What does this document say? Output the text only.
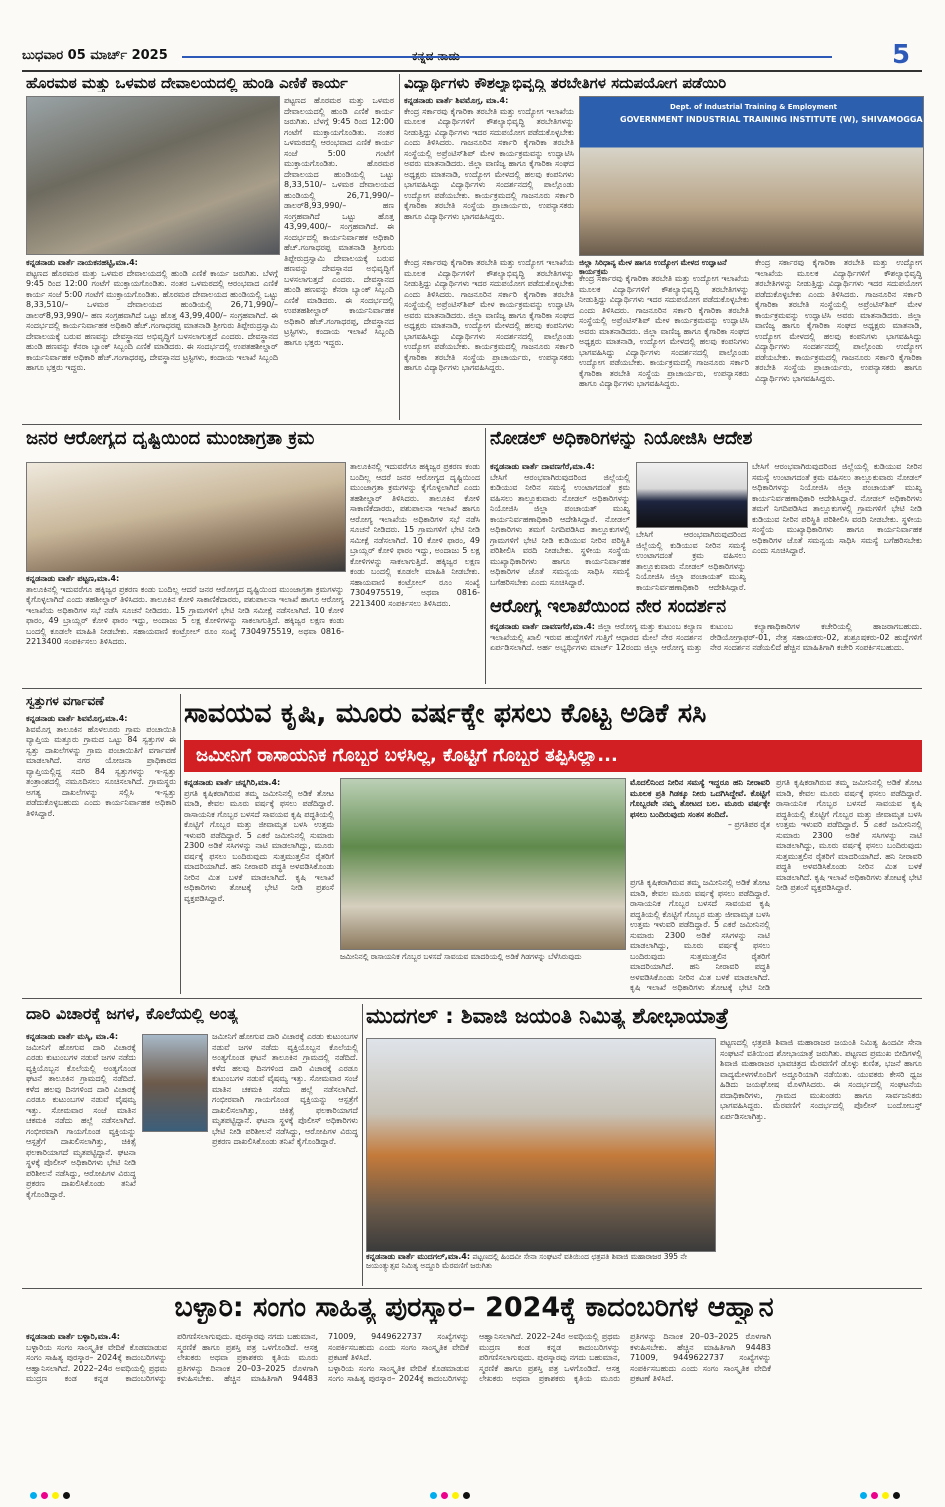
ಬುಧವಾರ 05 ಮಾರ್ಚ್ 2025	5
ಹೊರಮಠ ಮತ್ತು ಒಳಮಠ ದೇವಾಲಯದಲ್ಲಿ ಹುಂಡಿ ಎಣಿಕೆ ಕಾರ್ಯ
ಕನ್ನಡನಾಡು ವಾರ್ತೆ ನಾಯಕನಹಟ್ಟಿ,ಮಾ.4:
ಪಟ್ಟಣದ ಹೊರಮಠ ಮತ್ತು ಒಳಮಠ ದೇವಾಲಯದಲ್ಲಿ ಹುಂಡಿ ಎಣಿಕೆ ಕಾರ್ಯ ಜರುಗಿತು. ಬೆಳಗ್ಗೆ 9:45 ರಿಂದ 12:00 ಗಂಟೆಗೆ ಮುಕ್ತಾಯಗೊಂಡಿತು. ನಂತರ ಒಳಮಠದಲ್ಲಿ ಆರಂಭವಾದ ಎಣಿಕೆ ಕಾರ್ಯ ಸಂಜೆ 5:00 ಗಂಟೆಗೆ ಮುಕ್ತಾಯಗೊಂಡಿತು. ಹೊರಮಠ ದೇವಾಲಯದ ಹುಂಡಿಯಲ್ಲಿ ಒಟ್ಟು 8,33,510/– ಒಳಮಠ ದೇವಾಲಯದ ಹುಂಡಿಯಲ್ಲಿ 26,71,990/– ಡಾಲರ್‌8,93,990/– ಹಣ ಸಂಗ್ರಹವಾಗಿದೆ ಒಟ್ಟು ಹೊತ್ತ 43,99,400/– ಸಂಗ್ರಹವಾಗಿದೆ. ಈ ಸಂದರ್ಭದಲ್ಲಿ ಕಾರ್ಯನಿರ್ವಾಹಕ ಅಧಿಕಾರಿ ಹೆಚ್.ಗಂಗಾಧರಪ್ಪ ಮಾತನಾಡಿ ಶ್ರೀಗುರು ತಿಪ್ಪೇರುದ್ರಸ್ವಾಮಿ ದೇವಾಲಯಕ್ಕೆ ಬರುವ ಹಣವನ್ನು ದೇವಸ್ಥಾನದ ಅಭಿವೃದ್ಧಿಗೆ ಬಳಸಲಾಗುತ್ತದೆ ಎಂದರು. ದೇವಸ್ಥಾನದ ಹುಂಡಿ ಹಣವನ್ನು ಕೆನರಾ ಬ್ಯಾಂಕ್ ಸಿಬ್ಬಂದಿ ಎಣಿಕೆ ಮಾಡಿದರು. ಈ ಸಂದರ್ಭದಲ್ಲಿ ಉಪತಹಶೀಲ್ದಾರ್ ಕಾರ್ಯನಿರ್ವಾಹಕ ಅಧಿಕಾರಿ ಹೆಚ್.ಗಂಗಾಧರಪ್ಪ, ದೇವಸ್ಥಾನದ ಟ್ರಸ್ಟಿಗಳು, ಕಂದಾಯ ಇಲಾಖೆ ಸಿಬ್ಬಂದಿ ಹಾಗೂ ಭಕ್ತರು ಇದ್ದರು.
ಪಟ್ಟಣದ ಹೊರಮಠ ಮತ್ತು ಒಳಮಠ ದೇವಾಲಯದಲ್ಲಿ ಹುಂಡಿ ಎಣಿಕೆ ಕಾರ್ಯ ಜರುಗಿತು. ಬೆಳಗ್ಗೆ 9:45 ರಿಂದ 12:00 ಗಂಟೆಗೆ ಮುಕ್ತಾಯಗೊಂಡಿತು. ನಂತರ ಒಳಮಠದಲ್ಲಿ ಆರಂಭವಾದ ಎಣಿಕೆ ಕಾರ್ಯ ಸಂಜೆ 5:00 ಗಂಟೆಗೆ ಮುಕ್ತಾಯಗೊಂಡಿತು. ಹೊರಮಠ ದೇವಾಲಯದ ಹುಂಡಿಯಲ್ಲಿ ಒಟ್ಟು 8,33,510/– ಒಳಮಠ ದೇವಾಲಯದ ಹುಂಡಿಯಲ್ಲಿ 26,71,990/– ಡಾಲರ್‌8,93,990/– ಹಣ ಸಂಗ್ರಹವಾಗಿದೆ ಒಟ್ಟು ಹೊತ್ತ 43,99,400/– ಸಂಗ್ರಹವಾಗಿದೆ. ಈ ಸಂದರ್ಭದಲ್ಲಿ ಕಾರ್ಯನಿರ್ವಾಹಕ ಅಧಿಕಾರಿ ಹೆಚ್.ಗಂಗಾಧರಪ್ಪ ಮಾತನಾಡಿ ಶ್ರೀಗುರು ತಿಪ್ಪೇರುದ್ರಸ್ವಾಮಿ ದೇವಾಲಯಕ್ಕೆ ಬರುವ ಹಣವನ್ನು ದೇವಸ್ಥಾನದ ಅಭಿವೃದ್ಧಿಗೆ ಬಳಸಲಾಗುತ್ತದೆ ಎಂದರು. ದೇವಸ್ಥಾನದ ಹುಂಡಿ ಹಣವನ್ನು ಕೆನರಾ ಬ್ಯಾಂಕ್ ಸಿಬ್ಬಂದಿ ಎಣಿಕೆ ಮಾಡಿದರು. ಈ ಸಂದರ್ಭದಲ್ಲಿ ಉಪತಹಶೀಲ್ದಾರ್ ಕಾರ್ಯನಿರ್ವಾಹಕ ಅಧಿಕಾರಿ ಹೆಚ್.ಗಂಗಾಧರಪ್ಪ, ದೇವಸ್ಥಾನದ ಟ್ರಸ್ಟಿಗಳು, ಕಂದಾಯ ಇಲಾಖೆ ಸಿಬ್ಬಂದಿ ಹಾಗೂ ಭಕ್ತರು ಇದ್ದರು.
ವಿದ್ಯಾರ್ಥಿಗಳು ಕೌಶಲ್ಯಾಭಿವೃದ್ಧಿ ತರಬೇತಿಗಳ ಸದುಪಯೋಗ ಪಡೆಯಿರಿ
ಕನ್ನಡನಾಡು ವಾರ್ತೆ ಶಿವಮೊಗ್ಗ, ಮಾ.4:
ಕೇಂದ್ರ ಸರ್ಕಾರವು ಕೈಗಾರಿಕಾ ತರಬೇತಿ ಮತ್ತು ಉದ್ಯೋಗ ಇಲಾಖೆಯ ಮೂಲಕ ವಿದ್ಯಾರ್ಥಿಗಳಿಗೆ ಕೌಶಲ್ಯಾಭಿವೃದ್ಧಿ ತರಬೇತಿಗಳನ್ನು ನೀಡುತ್ತಿದ್ದು ವಿದ್ಯಾರ್ಥಿಗಳು ಇದರ ಸದುಪಯೋಗ ಪಡೆದುಕೊಳ್ಳಬೇಕು ಎಂದು ತಿಳಿಸಿದರು. ಗಾಜನೂರಿನ ಸರ್ಕಾರಿ ಕೈಗಾರಿಕಾ ತರಬೇತಿ ಸಂಸ್ಥೆಯಲ್ಲಿ ಅಪ್ರೆಂಟಿಸ್‌ಶಿಪ್ ಮೇಳ ಕಾರ್ಯಕ್ರಮವನ್ನು ಉದ್ಘಾಟಿಸಿ ಅವರು ಮಾತನಾಡಿದರು. ಜಿಲ್ಲಾ ವಾಣಿಜ್ಯ ಹಾಗೂ ಕೈಗಾರಿಕಾ ಸಂಘದ ಅಧ್ಯಕ್ಷರು ಮಾತನಾಡಿ, ಉದ್ಯೋಗ ಮೇಳದಲ್ಲಿ ಹಲವು ಕಂಪನಿಗಳು ಭಾಗವಹಿಸಿದ್ದು ವಿದ್ಯಾರ್ಥಿಗಳು ಸಂದರ್ಶನದಲ್ಲಿ ಪಾಲ್ಗೊಂಡು ಉದ್ಯೋಗ ಪಡೆಯಬೇಕು. ಕಾರ್ಯಕ್ರಮದಲ್ಲಿ ಗಾಜನೂರು ಸರ್ಕಾರಿ ಕೈಗಾರಿಕಾ ತರಬೇತಿ ಸಂಸ್ಥೆಯ ಪ್ರಾಚಾರ್ಯರು, ಉಪನ್ಯಾಸಕರು ಹಾಗೂ ವಿದ್ಯಾರ್ಥಿಗಳು ಭಾಗವಹಿಸಿದ್ದರು.
Dept. of Industrial Training & Employment
GOVERNMENT INDUSTRIAL TRAINING INSTITUTE (W), SHIVAMOGGA
ಕೇಂದ್ರ ಸರ್ಕಾರವು ಕೈಗಾರಿಕಾ ತರಬೇತಿ ಮತ್ತು ಉದ್ಯೋಗ ಇಲಾಖೆಯ ಮೂಲಕ ವಿದ್ಯಾರ್ಥಿಗಳಿಗೆ ಕೌಶಲ್ಯಾಭಿವೃದ್ಧಿ ತರಬೇತಿಗಳನ್ನು ನೀಡುತ್ತಿದ್ದು ವಿದ್ಯಾರ್ಥಿಗಳು ಇದರ ಸದುಪಯೋಗ ಪಡೆದುಕೊಳ್ಳಬೇಕು ಎಂದು ತಿಳಿಸಿದರು. ಗಾಜನೂರಿನ ಸರ್ಕಾರಿ ಕೈಗಾರಿಕಾ ತರಬೇತಿ ಸಂಸ್ಥೆಯಲ್ಲಿ ಅಪ್ರೆಂಟಿಸ್‌ಶಿಪ್ ಮೇಳ ಕಾರ್ಯಕ್ರಮವನ್ನು ಉದ್ಘಾಟಿಸಿ ಅವರು ಮಾತನಾಡಿದರು. ಜಿಲ್ಲಾ ವಾಣಿಜ್ಯ ಹಾಗೂ ಕೈಗಾರಿಕಾ ಸಂಘದ ಅಧ್ಯಕ್ಷರು ಮಾತನಾಡಿ, ಉದ್ಯೋಗ ಮೇಳದಲ್ಲಿ ಹಲವು ಕಂಪನಿಗಳು ಭಾಗವಹಿಸಿದ್ದು ವಿದ್ಯಾರ್ಥಿಗಳು ಸಂದರ್ಶನದಲ್ಲಿ ಪಾಲ್ಗೊಂಡು ಉದ್ಯೋಗ ಪಡೆಯಬೇಕು. ಕಾರ್ಯಕ್ರಮದಲ್ಲಿ ಗಾಜನೂರು ಸರ್ಕಾರಿ ಕೈಗಾರಿಕಾ ತರಬೇತಿ ಸಂಸ್ಥೆಯ ಪ್ರಾಚಾರ್ಯರು, ಉಪನ್ಯಾಸಕರು ಹಾಗೂ ವಿದ್ಯಾರ್ಥಿಗಳು ಭಾಗವಹಿಸಿದ್ದರು.
ಜಿಲ್ಲಾ ಸಿರಿಧಾನ್ಯ ಮೇಳ ಹಾಗೂ ಉದ್ಯೋಗ ಮೇಳದ ಉದ್ಘಾಟನೆ ಕಾರ್ಯಕ್ರಮ
ಕೇಂದ್ರ ಸರ್ಕಾರವು ಕೈಗಾರಿಕಾ ತರಬೇತಿ ಮತ್ತು ಉದ್ಯೋಗ ಇಲಾಖೆಯ ಮೂಲಕ ವಿದ್ಯಾರ್ಥಿಗಳಿಗೆ ಕೌಶಲ್ಯಾಭಿವೃದ್ಧಿ ತರಬೇತಿಗಳನ್ನು ನೀಡುತ್ತಿದ್ದು ವಿದ್ಯಾರ್ಥಿಗಳು ಇದರ ಸದುಪಯೋಗ ಪಡೆದುಕೊಳ್ಳಬೇಕು ಎಂದು ತಿಳಿಸಿದರು. ಗಾಜನೂರಿನ ಸರ್ಕಾರಿ ಕೈಗಾರಿಕಾ ತರಬೇತಿ ಸಂಸ್ಥೆಯಲ್ಲಿ ಅಪ್ರೆಂಟಿಸ್‌ಶಿಪ್ ಮೇಳ ಕಾರ್ಯಕ್ರಮವನ್ನು ಉದ್ಘಾಟಿಸಿ ಅವರು ಮಾತನಾಡಿದರು. ಜಿಲ್ಲಾ ವಾಣಿಜ್ಯ ಹಾಗೂ ಕೈಗಾರಿಕಾ ಸಂಘದ ಅಧ್ಯಕ್ಷರು ಮಾತನಾಡಿ, ಉದ್ಯೋಗ ಮೇಳದಲ್ಲಿ ಹಲವು ಕಂಪನಿಗಳು ಭಾಗವಹಿಸಿದ್ದು ವಿದ್ಯಾರ್ಥಿಗಳು ಸಂದರ್ಶನದಲ್ಲಿ ಪಾಲ್ಗೊಂಡು ಉದ್ಯೋಗ ಪಡೆಯಬೇಕು. ಕಾರ್ಯಕ್ರಮದಲ್ಲಿ ಗಾಜನೂರು ಸರ್ಕಾರಿ ಕೈಗಾರಿಕಾ ತರಬೇತಿ ಸಂಸ್ಥೆಯ ಪ್ರಾಚಾರ್ಯರು, ಉಪನ್ಯಾಸಕರು ಹಾಗೂ ವಿದ್ಯಾರ್ಥಿಗಳು ಭಾಗವಹಿಸಿದ್ದರು.
ಕೇಂದ್ರ ಸರ್ಕಾರವು ಕೈಗಾರಿಕಾ ತರಬೇತಿ ಮತ್ತು ಉದ್ಯೋಗ ಇಲಾಖೆಯ ಮೂಲಕ ವಿದ್ಯಾರ್ಥಿಗಳಿಗೆ ಕೌಶಲ್ಯಾಭಿವೃದ್ಧಿ ತರಬೇತಿಗಳನ್ನು ನೀಡುತ್ತಿದ್ದು ವಿದ್ಯಾರ್ಥಿಗಳು ಇದರ ಸದುಪಯೋಗ ಪಡೆದುಕೊಳ್ಳಬೇಕು ಎಂದು ತಿಳಿಸಿದರು. ಗಾಜನೂರಿನ ಸರ್ಕಾರಿ ಕೈಗಾರಿಕಾ ತರಬೇತಿ ಸಂಸ್ಥೆಯಲ್ಲಿ ಅಪ್ರೆಂಟಿಸ್‌ಶಿಪ್ ಮೇಳ ಕಾರ್ಯಕ್ರಮವನ್ನು ಉದ್ಘಾಟಿಸಿ ಅವರು ಮಾತನಾಡಿದರು. ಜಿಲ್ಲಾ ವಾಣಿಜ್ಯ ಹಾಗೂ ಕೈಗಾರಿಕಾ ಸಂಘದ ಅಧ್ಯಕ್ಷರು ಮಾತನಾಡಿ, ಉದ್ಯೋಗ ಮೇಳದಲ್ಲಿ ಹಲವು ಕಂಪನಿಗಳು ಭಾಗವಹಿಸಿದ್ದು ವಿದ್ಯಾರ್ಥಿಗಳು ಸಂದರ್ಶನದಲ್ಲಿ ಪಾಲ್ಗೊಂಡು ಉದ್ಯೋಗ ಪಡೆಯಬೇಕು. ಕಾರ್ಯಕ್ರಮದಲ್ಲಿ ಗಾಜನೂರು ಸರ್ಕಾರಿ ಕೈಗಾರಿಕಾ ತರಬೇತಿ ಸಂಸ್ಥೆಯ ಪ್ರಾಚಾರ್ಯರು, ಉಪನ್ಯಾಸಕರು ಹಾಗೂ ವಿದ್ಯಾರ್ಥಿಗಳು ಭಾಗವಹಿಸಿದ್ದರು.
ಜನರ ಆರೋಗ್ಯದ ದೃಷ್ಟಿಯಿಂದ ಮುಂಜಾಗ್ರತಾ ಕ್ರಮ
ಕನ್ನಡನಾಡು ವಾರ್ತೆ ಪಟ್ಟಣ,ಮಾ.4:
ತಾಲೂಕಿನಲ್ಲಿ ಇದುವರೆಗೂ ಹಕ್ಕಿಜ್ವರ ಪ್ರಕರಣ ಕಂಡು ಬಂದಿಲ್ಲ ಆದರೆ ಜನರ ಆರೋಗ್ಯದ ದೃಷ್ಟಿಯಿಂದ ಮುಂಜಾಗ್ರತಾ ಕ್ರಮಗಳನ್ನು ಕೈಗೊಳ್ಳಲಾಗಿದೆ ಎಂದು ತಹಶೀಲ್ದಾರ್ ತಿಳಿಸಿದರು. ತಾಲೂಕಿನ ಕೋಳಿ ಸಾಕಾಣಿಕೆದಾರರು, ಪಶುಪಾಲನಾ ಇಲಾಖೆ ಹಾಗೂ ಆರೋಗ್ಯ ಇಲಾಖೆಯ ಅಧಿಕಾರಿಗಳ ಸಭೆ ನಡೆಸಿ ಸೂಚನೆ ನೀಡಿದರು. 15 ಗ್ರಾಮಗಳಿಗೆ ಭೇಟಿ ನೀಡಿ ಸಮೀಕ್ಷೆ ನಡೆಸಲಾಗಿದೆ. 10 ಕೋಳಿ ಫಾರಂ, 49 ಬ್ರಾಯ್ಲರ್ ಕೋಳಿ ಫಾರಂ ಇದ್ದು, ಅಂದಾಜು 5 ಲಕ್ಷ ಕೋಳಿಗಳನ್ನು ಸಾಕಲಾಗುತ್ತಿದೆ. ಹಕ್ಕಿಜ್ವರ ಲಕ್ಷಣ ಕಂಡು ಬಂದಲ್ಲಿ ಕೂಡಲೇ ಮಾಹಿತಿ ನೀಡಬೇಕು. ಸಹಾಯವಾಣಿ ಕಂಟ್ರೋಲ್ ರೂಂ ಸಂಖ್ಯೆ 7304975519, ಅಥವಾ 0816-2213400 ಸಂಪರ್ಕಿಸಲು ತಿಳಿಸಿದರು.
ತಾಲೂಕಿನಲ್ಲಿ ಇದುವರೆಗೂ ಹಕ್ಕಿಜ್ವರ ಪ್ರಕರಣ ಕಂಡು ಬಂದಿಲ್ಲ ಆದರೆ ಜನರ ಆರೋಗ್ಯದ ದೃಷ್ಟಿಯಿಂದ ಮುಂಜಾಗ್ರತಾ ಕ್ರಮಗಳನ್ನು ಕೈಗೊಳ್ಳಲಾಗಿದೆ ಎಂದು ತಹಶೀಲ್ದಾರ್ ತಿಳಿಸಿದರು. ತಾಲೂಕಿನ ಕೋಳಿ ಸಾಕಾಣಿಕೆದಾರರು, ಪಶುಪಾಲನಾ ಇಲಾಖೆ ಹಾಗೂ ಆರೋಗ್ಯ ಇಲಾಖೆಯ ಅಧಿಕಾರಿಗಳ ಸಭೆ ನಡೆಸಿ ಸೂಚನೆ ನೀಡಿದರು. 15 ಗ್ರಾಮಗಳಿಗೆ ಭೇಟಿ ನೀಡಿ ಸಮೀಕ್ಷೆ ನಡೆಸಲಾಗಿದೆ. 10 ಕೋಳಿ ಫಾರಂ, 49 ಬ್ರಾಯ್ಲರ್ ಕೋಳಿ ಫಾರಂ ಇದ್ದು, ಅಂದಾಜು 5 ಲಕ್ಷ ಕೋಳಿಗಳನ್ನು ಸಾಕಲಾಗುತ್ತಿದೆ. ಹಕ್ಕಿಜ್ವರ ಲಕ್ಷಣ ಕಂಡು ಬಂದಲ್ಲಿ ಕೂಡಲೇ ಮಾಹಿತಿ ನೀಡಬೇಕು. ಸಹಾಯವಾಣಿ ಕಂಟ್ರೋಲ್ ರೂಂ ಸಂಖ್ಯೆ 7304975519, ಅಥವಾ 0816-2213400 ಸಂಪರ್ಕಿಸಲು ತಿಳಿಸಿದರು.
ನೋಡಲ್ ಅಧಿಕಾರಿಗಳನ್ನು ನಿಯೋಜಿಸಿ ಆದೇಶ
ಕನ್ನಡನಾಡು ವಾರ್ತೆ ದಾವಣಗೆರೆ,ಮಾ.4:
ಬೇಸಿಗೆ ಆರಂಭವಾಗಿರುವುದರಿಂದ ಜಿಲ್ಲೆಯಲ್ಲಿ ಕುಡಿಯುವ ನೀರಿನ ಸಮಸ್ಯೆ ಉಂಟಾಗದಂತೆ ಕ್ರಮ ವಹಿಸಲು ತಾಲ್ಲೂಕುವಾರು ನೋಡಲ್ ಅಧಿಕಾರಿಗಳನ್ನು ನಿಯೋಜಿಸಿ ಜಿಲ್ಲಾ ಪಂಚಾಯತ್ ಮುಖ್ಯ ಕಾರ್ಯನಿರ್ವಹಣಾಧಿಕಾರಿ ಆದೇಶಿಸಿದ್ದಾರೆ. ನೋಡಲ್ ಅಧಿಕಾರಿಗಳು ತಮಗೆ ನಿಗದಿಪಡಿಸಿದ ತಾಲ್ಲೂಕುಗಳಲ್ಲಿ ಗ್ರಾಮಗಳಿಗೆ ಭೇಟಿ ನೀಡಿ ಕುಡಿಯುವ ನೀರಿನ ಪರಿಸ್ಥಿತಿ ಪರಿಶೀಲಿಸಿ ವರದಿ ನೀಡಬೇಕು. ಸ್ಥಳೀಯ ಸಂಸ್ಥೆಯ ಮುಖ್ಯಾಧಿಕಾರಿಗಳು ಹಾಗೂ ಕಾರ್ಯನಿರ್ವಾಹಕ ಅಧಿಕಾರಿಗಳ ಜೊತೆ ಸಮನ್ವಯ ಸಾಧಿಸಿ ಸಮಸ್ಯೆ ಬಗೆಹರಿಸಬೇಕು ಎಂದು ಸೂಚಿಸಿದ್ದಾರೆ.
ಬೇಸಿಗೆ ಆರಂಭವಾಗಿರುವುದರಿಂದ ಜಿಲ್ಲೆಯಲ್ಲಿ ಕುಡಿಯುವ ನೀರಿನ ಸಮಸ್ಯೆ ಉಂಟಾಗದಂತೆ ಕ್ರಮ ವಹಿಸಲು ತಾಲ್ಲೂಕುವಾರು ನೋಡಲ್ ಅಧಿಕಾರಿಗಳನ್ನು ನಿಯೋಜಿಸಿ ಜಿಲ್ಲಾ ಪಂಚಾಯತ್ ಮುಖ್ಯ ಕಾರ್ಯನಿರ್ವಹಣಾಧಿಕಾರಿ ಆದೇಶಿಸಿದ್ದಾರೆ.
ಬೇಸಿಗೆ ಆರಂಭವಾಗಿರುವುದರಿಂದ ಜಿಲ್ಲೆಯಲ್ಲಿ ಕುಡಿಯುವ ನೀರಿನ ಸಮಸ್ಯೆ ಉಂಟಾಗದಂತೆ ಕ್ರಮ ವಹಿಸಲು ತಾಲ್ಲೂಕುವಾರು ನೋಡಲ್ ಅಧಿಕಾರಿಗಳನ್ನು ನಿಯೋಜಿಸಿ ಜಿಲ್ಲಾ ಪಂಚಾಯತ್ ಮುಖ್ಯ ಕಾರ್ಯನಿರ್ವಹಣಾಧಿಕಾರಿ ಆದೇಶಿಸಿದ್ದಾರೆ. ನೋಡಲ್ ಅಧಿಕಾರಿಗಳು ತಮಗೆ ನಿಗದಿಪಡಿಸಿದ ತಾಲ್ಲೂಕುಗಳಲ್ಲಿ ಗ್ರಾಮಗಳಿಗೆ ಭೇಟಿ ನೀಡಿ ಕುಡಿಯುವ ನೀರಿನ ಪರಿಸ್ಥಿತಿ ಪರಿಶೀಲಿಸಿ ವರದಿ ನೀಡಬೇಕು. ಸ್ಥಳೀಯ ಸಂಸ್ಥೆಯ ಮುಖ್ಯಾಧಿಕಾರಿಗಳು ಹಾಗೂ ಕಾರ್ಯನಿರ್ವಾಹಕ ಅಧಿಕಾರಿಗಳ ಜೊತೆ ಸಮನ್ವಯ ಸಾಧಿಸಿ ಸಮಸ್ಯೆ ಬಗೆಹರಿಸಬೇಕು ಎಂದು ಸೂಚಿಸಿದ್ದಾರೆ.
ಆರೋಗ್ಯ ಇಲಾಖೆಯಿಂದ ನೇರ ಸಂದರ್ಶನ
ಕನ್ನಡನಾಡು ವಾರ್ತೆ ದಾವಣಗೆರೆ,ಮಾ.4: ಜಿಲ್ಲಾ ಆರೋಗ್ಯ ಮತ್ತು ಕುಟುಂಬ ಕಲ್ಯಾಣ ಇಲಾಖೆಯಲ್ಲಿ ಖಾಲಿ ಇರುವ ಹುದ್ದೆಗಳಿಗೆ ಗುತ್ತಿಗೆ ಆಧಾರದ ಮೇಲೆ ನೇರ ಸಂದರ್ಶನ ಏರ್ಪಡಿಸಲಾಗಿದೆ. ಅರ್ಹ ಅಭ್ಯರ್ಥಿಗಳು ಮಾರ್ಚ್ 12ರಂದು ಜಿಲ್ಲಾ ಆರೋಗ್ಯ ಮತ್ತು ಕುಟುಂಬ ಕಲ್ಯಾಣಾಧಿಕಾರಿಗಳ ಕಚೇರಿಯಲ್ಲಿ ಹಾಜರಾಗಬಹುದು. ರೇಡಿಯೋಗ್ರಾಫರ್-01, ನೇತ್ರ ಸಹಾಯಕರು-02, ಶುಶ್ರೂಷಕರು-02 ಹುದ್ದೆಗಳಿಗೆ ನೇರ ಸಂದರ್ಶನ ನಡೆಯಲಿದೆ ಹೆಚ್ಚಿನ ಮಾಹಿತಿಗಾಗಿ ಕಚೇರಿ ಸಂಪರ್ಕಿಸಬಹುದು.
ಸ್ವತ್ತುಗಳ ವರ್ಗಾವಣೆ
ಕನ್ನಡನಾಡು ವಾರ್ತೆ ಶಿವಮೊಗ್ಗ,ಮಾ.4:
ಶಿವಮೊಗ್ಗ ತಾಲೂಕಿನ ಹೊಳಲೂರು ಗ್ರಾಮ ಪಂಚಾಯಿತಿ ವ್ಯಾಪ್ತಿಯ ಮತ್ತೂರು ಗ್ರಾಮದ ಒಟ್ಟು 84 ಸ್ವತ್ತುಗಳ ಈ ಸ್ವತ್ತು ದಾಖಲೆಗಳನ್ನು ಗ್ರಾಮ ಪಂಚಾಯಿತಿಗೆ ವರ್ಗಾವಣೆ ಮಾಡಲಾಗಿದೆ. ನಗರ ಯೋಜನಾ ಪ್ರಾಧಿಕಾರದ ವ್ಯಾಪ್ತಿಯಲ್ಲಿದ್ದ ಸದರಿ 84 ಸ್ವತ್ತುಗಳನ್ನು ಇ-ಸ್ವತ್ತು ತಂತ್ರಾಂಶದಲ್ಲಿ ನಮೂದಿಸಲು ಸೂಚಿಸಲಾಗಿದೆ. ಗ್ರಾಮಸ್ಥರು ಅಗತ್ಯ ದಾಖಲೆಗಳನ್ನು ಸಲ್ಲಿಸಿ ಇ-ಸ್ವತ್ತು ಪಡೆದುಕೊಳ್ಳಬಹುದು ಎಂದು ಕಾರ್ಯನಿರ್ವಾಹಕ ಅಧಿಕಾರಿ ತಿಳಿಸಿದ್ದಾರೆ.
ಸಾವಯವ ಕೃಷಿ, ಮೂರು ವರ್ಷಕ್ಕೇ ಫಸಲು ಕೊಟ್ಟ ಅಡಿಕೆ ಸಸಿ
ಜಮೀನಿಗೆ ರಾಸಾಯನಿಕ ಗೊಬ್ಬರ ಬಳಸಿಲ್ಲ, ಕೊಟ್ಟಿಗೆ ಗೊಬ್ಬರ ತಪ್ಪಿಸಿಲ್ಲಾ...
ಕನ್ನಡನಾಡು ವಾರ್ತೆ ಚನ್ನಗಿರಿ,ಮಾ.4:
ಪ್ರಗತಿ ಕೃಷಿಕರಾಗಿರುವ ತಮ್ಮ ಜಮೀನಿನಲ್ಲಿ ಅಡಿಕೆ ತೋಟ ಮಾಡಿ, ಕೇವಲ ಮೂರು ವರ್ಷಕ್ಕೆ ಫಸಲು ಪಡೆದಿದ್ದಾರೆ. ರಾಸಾಯನಿಕ ಗೊಬ್ಬರ ಬಳಸದೆ ಸಾವಯವ ಕೃಷಿ ಪದ್ಧತಿಯಲ್ಲಿ ಕೊಟ್ಟಿಗೆ ಗೊಬ್ಬರ ಮತ್ತು ಜೀವಾಮೃತ ಬಳಸಿ ಉತ್ತಮ ಇಳುವರಿ ಪಡೆದಿದ್ದಾರೆ. 5 ಎಕರೆ ಜಮೀನಿನಲ್ಲಿ ಸುಮಾರು 2300 ಅಡಿಕೆ ಸಸಿಗಳನ್ನು ನಾಟಿ ಮಾಡಲಾಗಿದ್ದು, ಮೂರು ವರ್ಷಕ್ಕೆ ಫಸಲು ಬಂದಿರುವುದು ಸುತ್ತಮುತ್ತಲಿನ ರೈತರಿಗೆ ಮಾದರಿಯಾಗಿದೆ. ಹನಿ ನೀರಾವರಿ ಪದ್ಧತಿ ಅಳವಡಿಸಿಕೊಂಡು ನೀರಿನ ಮಿತ ಬಳಕೆ ಮಾಡಲಾಗಿದೆ. ಕೃಷಿ ಇಲಾಖೆ ಅಧಿಕಾರಿಗಳು ತೋಟಕ್ಕೆ ಭೇಟಿ ನೀಡಿ ಪ್ರಶಂಸೆ ವ್ಯಕ್ತಪಡಿಸಿದ್ದಾರೆ.
ಜಮೀನಿನಲ್ಲಿ ರಾಸಾಯನಿಕ ಗೊಬ್ಬರ ಬಳಸದೆ ಸಾವಯವ ಮಾದರಿಯಲ್ಲಿ ಅಡಿಕೆ ಗಿಡಗಳನ್ನು ಬೆಳೆಸಿರುವುದು
ಮೊದಲಿನಿಂದ ನೀರಿನ ಸಮಸ್ಯೆ ಇದ್ದರೂ ಹನಿ ನೀರಾವರಿ ಮೂಲಕ ಪ್ರತಿ ಗಿಡಕ್ಕೂ ನೀರು ಒದಗಿಸಿದ್ದೇವೆ. ಕೊಟ್ಟಿಗೆ ಗೊಬ್ಬರವೇ ನಮ್ಮ ತೋಟದ ಬಲ. ಮೂರು ವರ್ಷಕ್ಕೇ ಫಸಲು ಬಂದಿರುವುದು ಸಂತಸ ತಂದಿದೆ.
– ಪ್ರಗತಿಪರ ರೈತ
ಪ್ರಗತಿ ಕೃಷಿಕರಾಗಿರುವ ತಮ್ಮ ಜಮೀನಿನಲ್ಲಿ ಅಡಿಕೆ ತೋಟ ಮಾಡಿ, ಕೇವಲ ಮೂರು ವರ್ಷಕ್ಕೆ ಫಸಲು ಪಡೆದಿದ್ದಾರೆ. ರಾಸಾಯನಿಕ ಗೊಬ್ಬರ ಬಳಸದೆ ಸಾವಯವ ಕೃಷಿ ಪದ್ಧತಿಯಲ್ಲಿ ಕೊಟ್ಟಿಗೆ ಗೊಬ್ಬರ ಮತ್ತು ಜೀವಾಮೃತ ಬಳಸಿ ಉತ್ತಮ ಇಳುವರಿ ಪಡೆದಿದ್ದಾರೆ. 5 ಎಕರೆ ಜಮೀನಿನಲ್ಲಿ ಸುಮಾರು 2300 ಅಡಿಕೆ ಸಸಿಗಳನ್ನು ನಾಟಿ ಮಾಡಲಾಗಿದ್ದು, ಮೂರು ವರ್ಷಕ್ಕೆ ಫಸಲು ಬಂದಿರುವುದು ಸುತ್ತಮುತ್ತಲಿನ ರೈತರಿಗೆ ಮಾದರಿಯಾಗಿದೆ. ಹನಿ ನೀರಾವರಿ ಪದ್ಧತಿ ಅಳವಡಿಸಿಕೊಂಡು ನೀರಿನ ಮಿತ ಬಳಕೆ ಮಾಡಲಾಗಿದೆ. ಕೃಷಿ ಇಲಾಖೆ ಅಧಿಕಾರಿಗಳು ತೋಟಕ್ಕೆ ಭೇಟಿ ನೀಡಿ ಪ್ರಶಂಸೆ ವ್ಯಕ್ತಪಡಿಸಿದ್ದಾರೆ.
ಪ್ರಗತಿ ಕೃಷಿಕರಾಗಿರುವ ತಮ್ಮ ಜಮೀನಿನಲ್ಲಿ ಅಡಿಕೆ ತೋಟ ಮಾಡಿ, ಕೇವಲ ಮೂರು ವರ್ಷಕ್ಕೆ ಫಸಲು ಪಡೆದಿದ್ದಾರೆ. ರಾಸಾಯನಿಕ ಗೊಬ್ಬರ ಬಳಸದೆ ಸಾವಯವ ಕೃಷಿ ಪದ್ಧತಿಯಲ್ಲಿ ಕೊಟ್ಟಿಗೆ ಗೊಬ್ಬರ ಮತ್ತು ಜೀವಾಮೃತ ಬಳಸಿ ಉತ್ತಮ ಇಳುವರಿ ಪಡೆದಿದ್ದಾರೆ. 5 ಎಕರೆ ಜಮೀನಿನಲ್ಲಿ ಸುಮಾರು 2300 ಅಡಿಕೆ ಸಸಿಗಳನ್ನು ನಾಟಿ ಮಾಡಲಾಗಿದ್ದು, ಮೂರು ವರ್ಷಕ್ಕೆ ಫಸಲು ಬಂದಿರುವುದು ಸುತ್ತಮುತ್ತಲಿನ ರೈತರಿಗೆ ಮಾದರಿಯಾಗಿದೆ. ಹನಿ ನೀರಾವರಿ ಪದ್ಧತಿ ಅಳವಡಿಸಿಕೊಂಡು ನೀರಿನ ಮಿತ ಬಳಕೆ ಮಾಡಲಾಗಿದೆ. ಕೃಷಿ ಇಲಾಖೆ ಅಧಿಕಾರಿಗಳು ತೋಟಕ್ಕೆ ಭೇಟಿ ನೀಡಿ
ದಾರಿ ವಿಚಾರಕ್ಕೆ ಜಗಳ, ಕೊಲೆಯಲ್ಲಿ ಅಂತ್ಯ
ಕನ್ನಡನಾಡು ವಾರ್ತೆ ಮಸ್ಕಿ, ಮಾ.4:
ಜಮೀನಿಗೆ ಹೋಗುವ ದಾರಿ ವಿಚಾರಕ್ಕೆ ಎರಡು ಕುಟುಂಬಗಳ ನಡುವೆ ಜಗಳ ನಡೆದು ವ್ಯಕ್ತಿಯೊಬ್ಬನ ಕೊಲೆಯಲ್ಲಿ ಅಂತ್ಯಗೊಂಡ ಘಟನೆ ತಾಲೂಕಿನ ಗ್ರಾಮದಲ್ಲಿ ನಡೆದಿದೆ. ಕಳೆದ ಹಲವು ದಿನಗಳಿಂದ ದಾರಿ ವಿಚಾರಕ್ಕೆ ಎರಡೂ ಕುಟುಂಬಗಳ ನಡುವೆ ವೈಷಮ್ಯ ಇತ್ತು. ಸೋಮವಾರ ಸಂಜೆ ಮಾತಿನ ಚಕಮಕಿ ನಡೆದು ಹಲ್ಲೆ ನಡೆಸಲಾಗಿದೆ. ಗಂಭೀರವಾಗಿ ಗಾಯಗೊಂಡ ವ್ಯಕ್ತಿಯನ್ನು ಆಸ್ಪತ್ರೆಗೆ ದಾಖಲಿಸಲಾಗಿತ್ತು, ಚಿಕಿತ್ಸೆ ಫಲಕಾರಿಯಾಗದೆ ಮೃತಪಟ್ಟಿದ್ದಾನೆ. ಘಟನಾ ಸ್ಥಳಕ್ಕೆ ಪೊಲೀಸ್ ಅಧಿಕಾರಿಗಳು ಭೇಟಿ ನೀಡಿ ಪರಿಶೀಲನೆ ನಡೆಸಿದ್ದು, ಆರೋಪಿಗಳ ವಿರುದ್ಧ ಪ್ರಕರಣ ದಾಖಲಿಸಿಕೊಂಡು ತನಿಖೆ ಕೈಗೊಂಡಿದ್ದಾರೆ.
ಜಮೀನಿಗೆ ಹೋಗುವ ದಾರಿ ವಿಚಾರಕ್ಕೆ ಎರಡು ಕುಟುಂಬಗಳ ನಡುವೆ ಜಗಳ ನಡೆದು ವ್ಯಕ್ತಿಯೊಬ್ಬನ ಕೊಲೆಯಲ್ಲಿ ಅಂತ್ಯಗೊಂಡ ಘಟನೆ ತಾಲೂಕಿನ ಗ್ರಾಮದಲ್ಲಿ ನಡೆದಿದೆ. ಕಳೆದ ಹಲವು ದಿನಗಳಿಂದ ದಾರಿ ವಿಚಾರಕ್ಕೆ ಎರಡೂ ಕುಟುಂಬಗಳ ನಡುವೆ ವೈಷಮ್ಯ ಇತ್ತು. ಸೋಮವಾರ ಸಂಜೆ ಮಾತಿನ ಚಕಮಕಿ ನಡೆದು ಹಲ್ಲೆ ನಡೆಸಲಾಗಿದೆ. ಗಂಭೀರವಾಗಿ ಗಾಯಗೊಂಡ ವ್ಯಕ್ತಿಯನ್ನು ಆಸ್ಪತ್ರೆಗೆ ದಾಖಲಿಸಲಾಗಿತ್ತು, ಚಿಕಿತ್ಸೆ ಫಲಕಾರಿಯಾಗದೆ ಮೃತಪಟ್ಟಿದ್ದಾನೆ. ಘಟನಾ ಸ್ಥಳಕ್ಕೆ ಪೊಲೀಸ್ ಅಧಿಕಾರಿಗಳು ಭೇಟಿ ನೀಡಿ ಪರಿಶೀಲನೆ ನಡೆಸಿದ್ದು, ಆರೋಪಿಗಳ ವಿರುದ್ಧ ಪ್ರಕರಣ ದಾಖಲಿಸಿಕೊಂಡು ತನಿಖೆ ಕೈಗೊಂಡಿದ್ದಾರೆ.
ಮುದಗಲ್ : ಶಿವಾಜಿ ಜಯಂತಿ ನಿಮಿತ್ಯ ಶೋಭಾಯಾತ್ರೆ
ಕನ್ನಡನಾಡು ವಾರ್ತೆ ಮುದಗಲ್,ಮಾ.4: ಪಟ್ಟಣದಲ್ಲಿ ಹಿಂದವೀ ಸೇನಾ ಸಂಘಟನೆ ವತಿಯಿಂದ ಛತ್ರಪತಿ ಶಿವಾಜಿ ಮಹಾರಾಜರ 395 ನೇ ಜಯಂತ್ಯುತ್ಸವ ನಿಮಿತ್ಯ ಅದ್ದೂರಿ ಮೆರವಣಿಗೆ ಜರುಗಿತು
ಪಟ್ಟಣದಲ್ಲಿ ಛತ್ರಪತಿ ಶಿವಾಜಿ ಮಹಾರಾಜರ ಜಯಂತಿ ನಿಮಿತ್ಯ ಹಿಂದವೀ ಸೇನಾ ಸಂಘಟನೆ ವತಿಯಿಂದ ಶೋಭಾಯಾತ್ರೆ ಜರುಗಿತು. ಪಟ್ಟಣದ ಪ್ರಮುಖ ಬೀದಿಗಳಲ್ಲಿ ಶಿವಾಜಿ ಮಹಾರಾಜರ ಭಾವಚಿತ್ರದ ಮೆರವಣಿಗೆ ಡೊಳ್ಳು ಕುಣಿತ, ಭಜನೆ ಹಾಗೂ ವಾದ್ಯಮೇಳಗಳೊಂದಿಗೆ ಅದ್ದೂರಿಯಾಗಿ ನಡೆಯಿತು. ಯುವಕರು ಕೇಸರಿ ಧ್ವಜ ಹಿಡಿದು ಜಯಘೋಷ ಮೊಳಗಿಸಿದರು. ಈ ಸಂದರ್ಭದಲ್ಲಿ ಸಂಘಟನೆಯ ಪದಾಧಿಕಾರಿಗಳು, ಗ್ರಾಮದ ಮುಖಂಡರು ಹಾಗೂ ಸಾರ್ವಜನಿಕರು ಭಾಗವಹಿಸಿದ್ದರು. ಮೆರವಣಿಗೆ ಸಂದರ್ಭದಲ್ಲಿ ಪೊಲೀಸ್ ಬಂದೋಬಸ್ತ್ ಏರ್ಪಡಿಸಲಾಗಿತ್ತು.
ಬಳ್ಳಾರಿ: ಸಂಗಂ ಸಾಹಿತ್ಯ ಪುರಸ್ಕಾರ– 2024ಕ್ಕೆ ಕಾದಂಬರಿಗಳ ಆಹ್ವಾನ
ಕನ್ನಡನಾಡು ವಾರ್ತೆ ಬಳ್ಳಾರಿ,ಮಾ.4:
ಬಳ್ಳಾರಿಯ ಸಂಗಂ ಸಾಂಸ್ಕೃತಿಕ ವೇದಿಕೆ ಕೊಡಮಾಡುವ ಸಂಗಂ ಸಾಹಿತ್ಯ ಪುರಸ್ಕಾರ– 2024ಕ್ಕೆ ಕಾದಂಬರಿಗಳನ್ನು ಆಹ್ವಾನಿಸಲಾಗಿದೆ. 2022–24ರ ಅವಧಿಯಲ್ಲಿ ಪ್ರಥಮ ಮುದ್ರಣ ಕಂಡ ಕನ್ನಡ ಕಾದಂಬರಿಗಳನ್ನು ಪರಿಗಣಿಸಲಾಗುವುದು. ಪುರಸ್ಕಾರವು ನಗದು ಬಹುಮಾನ, ಸ್ಮರಣಿಕೆ ಹಾಗೂ ಪ್ರಶಸ್ತಿ ಪತ್ರ ಒಳಗೊಂಡಿದೆ. ಆಸಕ್ತ ಲೇಖಕರು ಅಥವಾ ಪ್ರಕಾಶಕರು ಕೃತಿಯ ಮೂರು ಪ್ರತಿಗಳನ್ನು ದಿನಾಂಕ 20–03–2025 ರೊಳಗಾಗಿ ಕಳುಹಿಸಬೇಕು. ಹೆಚ್ಚಿನ ಮಾಹಿತಿಗಾಗಿ 94483 71009, 9449622737 ಸಂಖ್ಯೆಗಳನ್ನು ಸಂಪರ್ಕಿಸಬಹುದು ಎಂದು ಸಂಗಂ ಸಾಂಸ್ಕೃತಿಕ ವೇದಿಕೆ ಪ್ರಕಟಣೆ ತಿಳಿಸಿದೆ.
ಬಳ್ಳಾರಿಯ ಸಂಗಂ ಸಾಂಸ್ಕೃತಿಕ ವೇದಿಕೆ ಕೊಡಮಾಡುವ ಸಂಗಂ ಸಾಹಿತ್ಯ ಪುರಸ್ಕಾರ– 2024ಕ್ಕೆ ಕಾದಂಬರಿಗಳನ್ನು ಆಹ್ವಾನಿಸಲಾಗಿದೆ. 2022–24ರ ಅವಧಿಯಲ್ಲಿ ಪ್ರಥಮ ಮುದ್ರಣ ಕಂಡ ಕನ್ನಡ ಕಾದಂಬರಿಗಳನ್ನು ಪರಿಗಣಿಸಲಾಗುವುದು. ಪುರಸ್ಕಾರವು ನಗದು ಬಹುಮಾನ, ಸ್ಮರಣಿಕೆ ಹಾಗೂ ಪ್ರಶಸ್ತಿ ಪತ್ರ ಒಳಗೊಂಡಿದೆ. ಆಸಕ್ತ ಲೇಖಕರು ಅಥವಾ ಪ್ರಕಾಶಕರು ಕೃತಿಯ ಮೂರು ಪ್ರತಿಗಳನ್ನು ದಿನಾಂಕ 20–03–2025 ರೊಳಗಾಗಿ ಕಳುಹಿಸಬೇಕು. ಹೆಚ್ಚಿನ ಮಾಹಿತಿಗಾಗಿ 94483 71009, 9449622737 ಸಂಖ್ಯೆಗಳನ್ನು ಸಂಪರ್ಕಿಸಬಹುದು ಎಂದು ಸಂಗಂ ಸಾಂಸ್ಕೃತಿಕ ವೇದಿಕೆ ಪ್ರಕಟಣೆ ತಿಳಿಸಿದೆ.
